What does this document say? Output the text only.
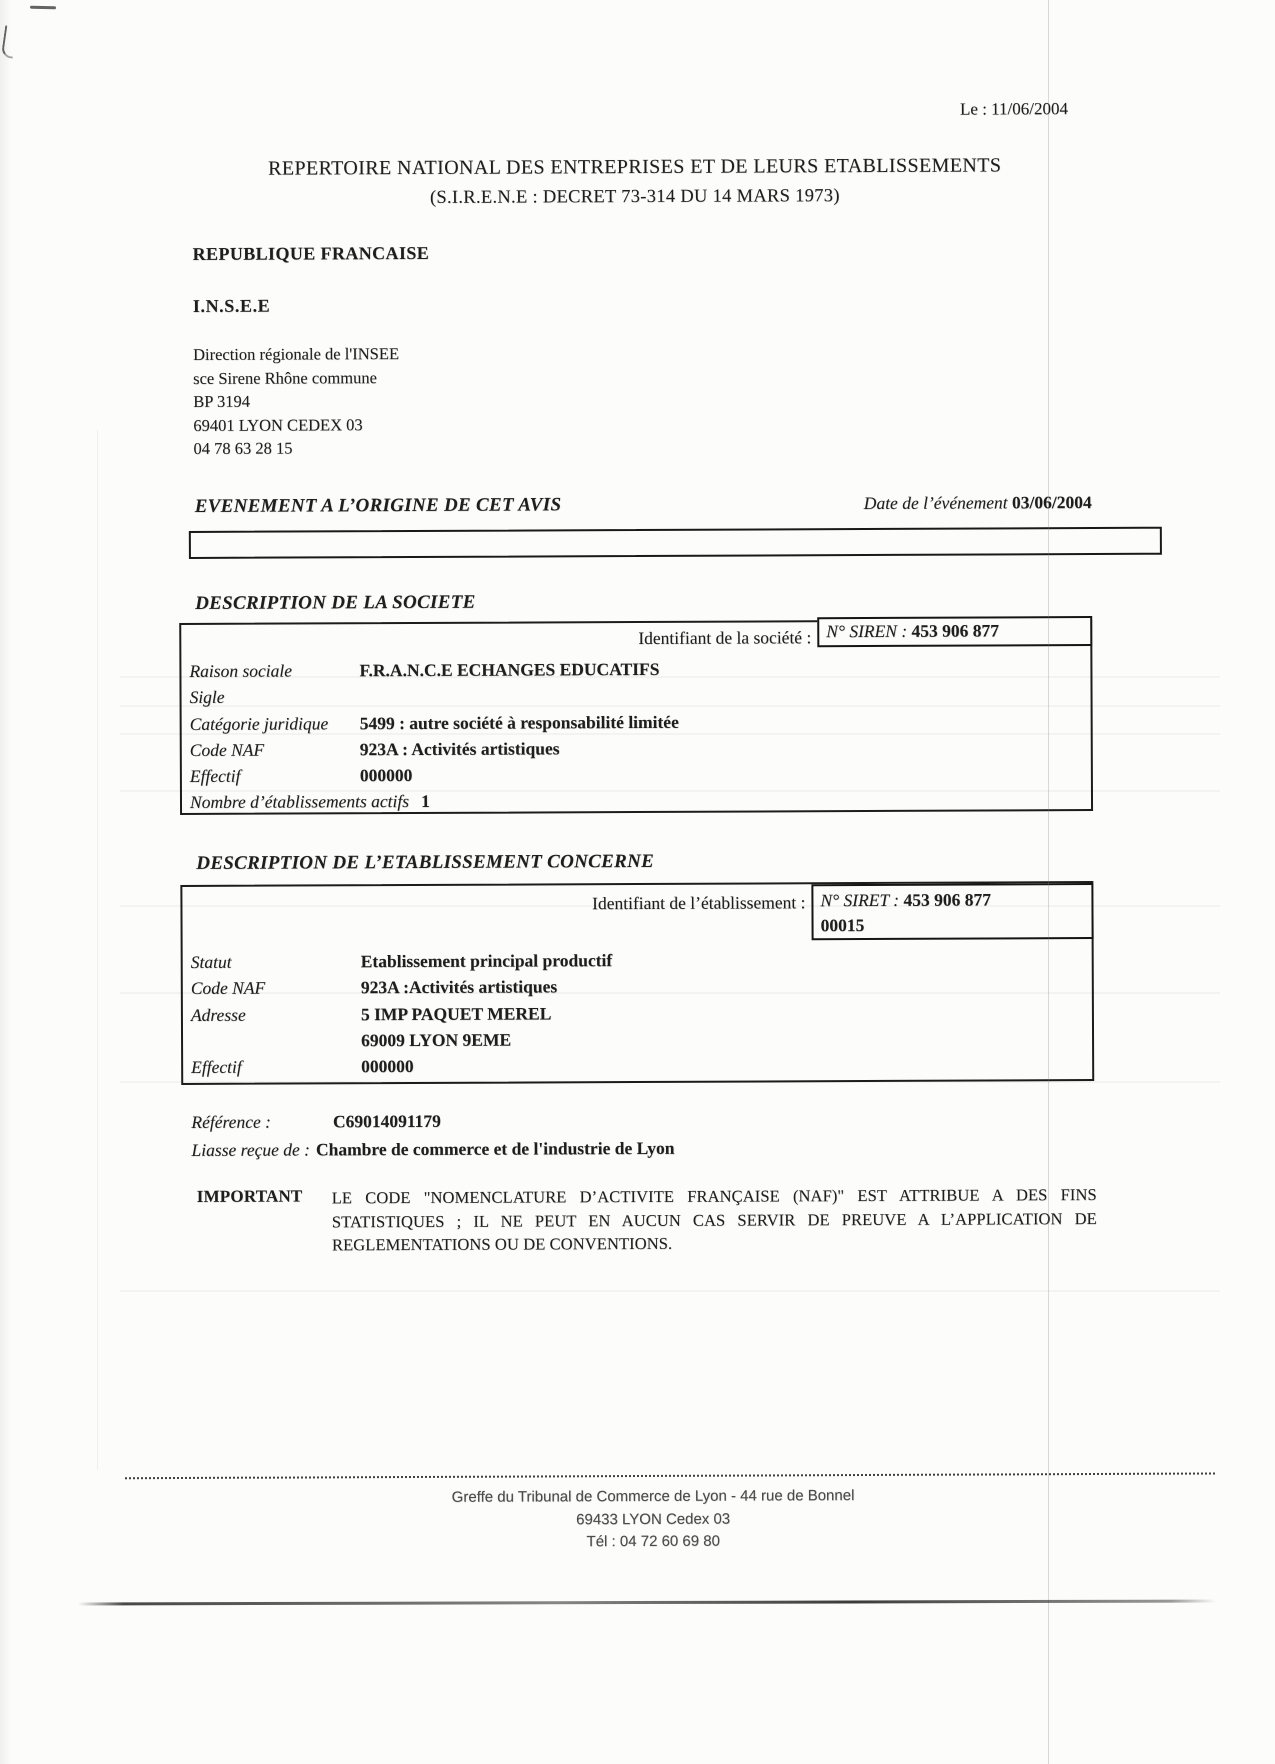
Le : 11/06/2004
REPERTOIRE NATIONAL DES ENTREPRISES ET DE LEURS ETABLISSEMENTS
(S.I.R.E.N.E : DECRET 73-314 DU 14 MARS 1973)
REPUBLIQUE FRANCAISE
I.N.S.E.E
Direction régionale de l'INSEE
sce Sirene Rhône commune
BP 3194
69401 LYON CEDEX 03
04 78 63 28 15
EVENEMENT A L’ORIGINE DE CET AVIS	Date de l’événement 03/06/2004
DESCRIPTION DE LA SOCIETE
Identifiant de la société : N° SIREN : 453 906 877
Raison sociale	F.R.A.N.C.E ECHANGES EDUCATIFS
Sigle
Catégorie juridique	5499 : autre société à responsabilité limitée
Code NAF	923A : Activités artistiques
Effectif	000000
Nombre d’établissements actifs 1
DESCRIPTION DE L’ETABLISSEMENT CONCERNE
Identifiant de l’établissement : N° SIRET : 453 906 877
00015
Statut	Etablissement principal productif
Code NAF	923A :Activités artistiques
Adresse	5 IMP PAQUET MEREL
69009 LYON 9EME
Effectif	000000
Référence :	C69014091179
Liasse reçue de : Chambre de commerce et de l'industrie de Lyon
IMPORTANT	LE CODE "NOMENCLATURE D’ACTIVITE FRANÇAISE (NAF)" EST ATTRIBUE A DES FINS STATISTIQUES ; IL NE PEUT EN AUCUN CAS SERVIR DE PREUVE A L’APPLICATION DE REGLEMENTATIONS OU DE CONVENTIONS.
Greffe du Tribunal de Commerce de Lyon - 44 rue de Bonnel
69433 LYON Cedex 03
Tél : 04 72 60 69 80
